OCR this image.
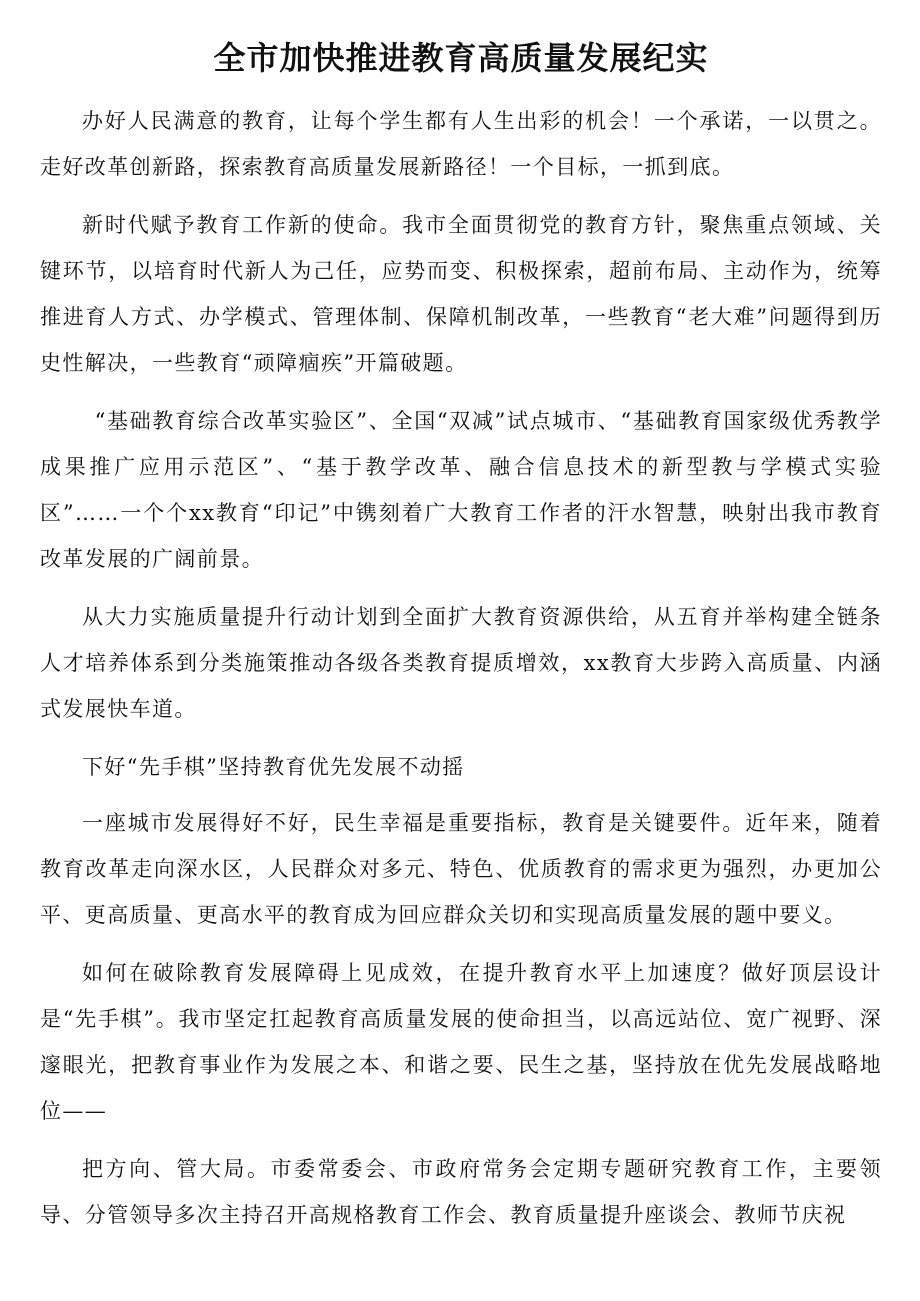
全市加快推进教育高质量发展纪实

办好人民满意的教育，让每个学生都有人生出彩的机会！一个承诺，一以贯之。走好改革创新路，探索教育高质量发展新路径！一个目标，一抓到底。

新时代赋予教育工作新的使命。我市全面贯彻党的教育方针，聚焦重点领域、关键环节，以培育时代新人为己任，应势而变、积极探索，超前布局、主动作为，统筹推进育人方式、办学模式、管理体制、保障机制改革，一些教育“老大难”问题得到历史性解决，一些教育“顽障痼疾”开篇破题。

“基础教育综合改革实验区”、全国“双减”试点城市、“基础教育国家级优秀教学成果推广应用示范区”、“基于教学改革、融合信息技术的新型教与学模式实验区”……一个个xx教育“印记”中镌刻着广大教育工作者的汗水智慧，映射出我市教育改革发展的广阔前景。

从大力实施质量提升行动计划到全面扩大教育资源供给，从五育并举构建全链条人才培养体系到分类施策推动各级各类教育提质增效，xx教育大步跨入高质量、内涵式发展快车道。

下好“先手棋”坚持教育优先发展不动摇

一座城市发展得好不好，民生幸福是重要指标，教育是关键要件。近年来，随着教育改革走向深水区，人民群众对多元、特色、优质教育的需求更为强烈，办更加公平、更高质量、更高水平的教育成为回应群众关切和实现高质量发展的题中要义。

如何在破除教育发展障碍上见成效，在提升教育水平上加速度？做好顶层设计是“先手棋”。我市坚定扛起教育高质量发展的使命担当，以高远站位、宽广视野、深邃眼光，把教育事业作为发展之本、和谐之要、民生之基，坚持放在优先发展战略地位——

把方向、管大局。市委常委会、市政府常务会定期专题研究教育工作，主要领导、分管领导多次主持召开高规格教育工作会、教育质量提升座谈会、教师节庆祝
